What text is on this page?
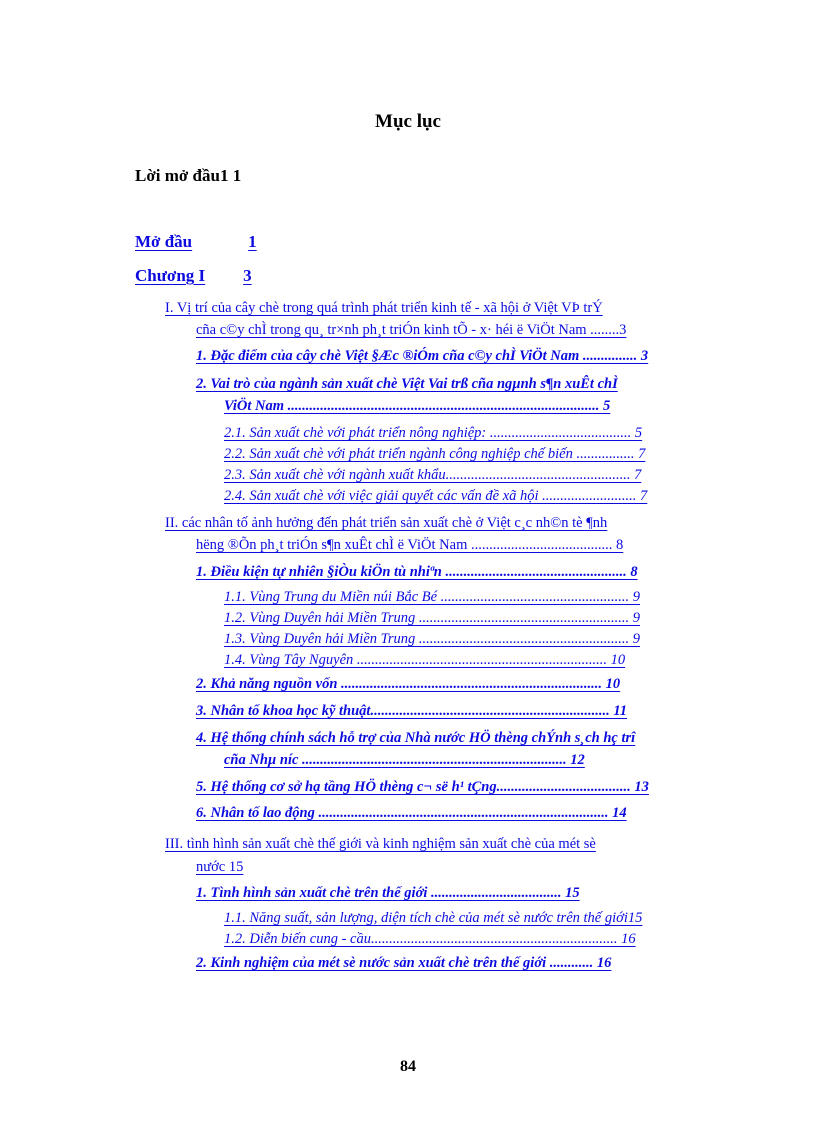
Mục lục
Lời mở đầu1 1
Mở đầu	1
Chương I 3
I. Vị trí của cây chè trong quá trình phát triển kinh tế - xã hội ở Việt VÞ trÝ
cña c©y chÌ trong qu¸ tr×nh ph¸t triÓn kinh tÕ - x· héi ë ViÖt Nam ........3
1. Đặc điểm của cây chè Việt §Æc ®iÓm cña c©y chÌ ViÖt Nam ............... 3
2. Vai trò của ngành sản xuất chè Việt Vai trß cña ngµnh s¶n xuÊt chÌ
ViÖt Nam ...................................................................................... 5
2.1. Sản xuất chè với phát triển nông nghiệp: ....................................... 5
2.2. Sản xuất chè với phát triển ngành công nghiệp chế biến ................ 7
2.3. Sản xuất chè với ngành xuất khẩu................................................... 7
2.4. Sản xuất chè với việc giải quyết các vấn đề xã hội .......................... 7
II. các nhân tố ảnh hưởng đến phát triển sản xuất chè ở Việt c¸c nh©n tè ¶nh
hëng ®Õn ph¸t triÓn s¶n xuÊt chÌ ë ViÖt Nam ....................................... 8
1. Điều kiện tự nhiên §iÒu kiÖn tù nhiªn .................................................. 8
1.1. Vùng Trung du Miền núi Bắc Bé .................................................... 9
1.2. Vùng Duyên hải Miền Trung .......................................................... 9
1.3. Vùng Duyên hải Miền Trung .......................................................... 9
1.4. Vùng Tây Nguyên ..................................................................... 10
2. Khả năng nguồn vốn ........................................................................ 10
3. Nhân tố khoa học kỹ thuật.................................................................. 11
4. Hệ thống chính sách hỗ trợ của Nhà nước HÖ thèng chÝnh s¸ch hç trî
cña Nhµ níc ......................................................................... 12
5. Hệ thống cơ sở hạ tầng HÖ thèng c¬ së h¹ tÇng..................................... 13
6. Nhân tố lao động ................................................................................ 14
III. tình hình sản xuất chè thế giới và kinh nghiệm sản xuất chè của mét sè
nước 15
1. Tình hình sản xuất chè trên thế giới .................................... 15
1.1. Năng suất, sản lượng, diện tích chè của mét sè nước trên thế giới15
1.2. Diễn biến cung - cầu.................................................................... 16
2. Kinh nghiệm của mét sè nước sản xuất chè trên thế giới ............ 16
84
